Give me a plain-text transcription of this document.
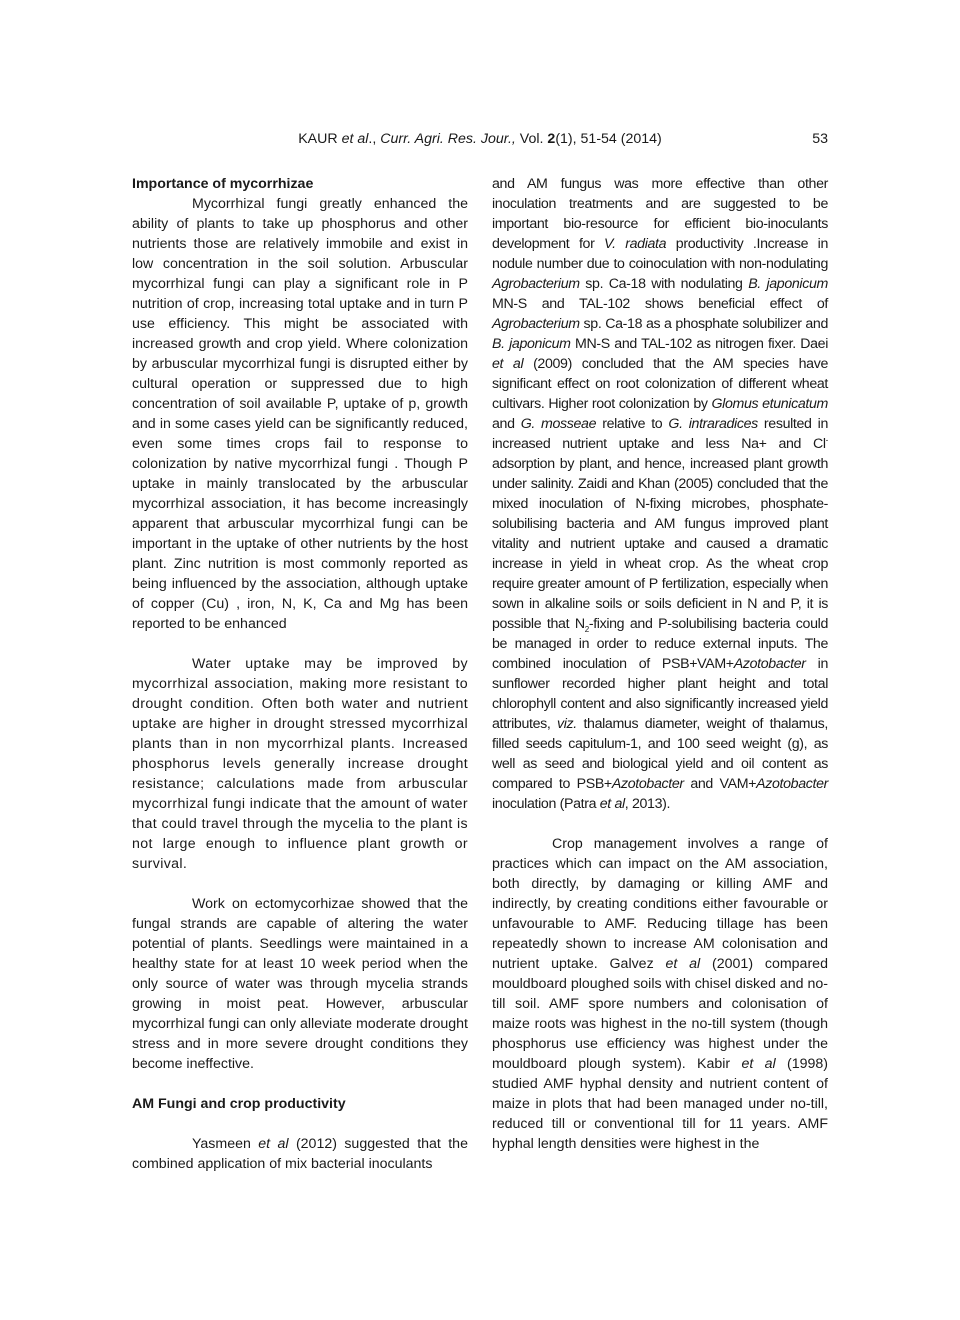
KAUR et al., Curr. Agri. Res. Jour., Vol. 2(1), 51-54 (2014)	53
Importance of mycorrhizae

Mycorrhizal fungi greatly enhanced the ability of plants to take up phosphorus and other nutrients those are relatively immobile and exist in low concentration in the soil solution. Arbuscular mycorrhizal fungi can play a significant role in P nutrition of crop, increasing total uptake and in turn P use efficiency. This might be associated with increased growth and crop yield. Where colonization by arbuscular mycorrhizal fungi is disrupted either by cultural operation or suppressed due to high concentration of soil available P, uptake of p, growth and in some cases yield can be significantly reduced, even some times crops fail to response to colonization by native mycorrhizal fungi . Though P uptake in mainly translocated by the arbuscular mycorrhizal association, it has become increasingly apparent that arbuscular mycorrhizal fungi can be important in the uptake of other nutrients by the host plant. Zinc nutrition is most commonly reported as being influenced by the association, although uptake of copper (Cu) , iron, N, K, Ca and Mg has been reported to be enhanced

Water uptake may be improved by mycorrhizal association, making more resistant to drought condition. Often both water and nutrient uptake are higher in drought stressed mycorrhizal plants than in non mycorrhizal plants. Increased phosphorus levels generally increase drought resistance; calculations made from arbuscular mycorrhizal fungi indicate that the amount of water that could travel through the mycelia to the plant is not large enough to influence plant growth or survival.

Work on ectomycorhizae showed that the fungal strands are capable of altering the water potential of plants. Seedlings were maintained in a healthy state for at least 10 week period when the only source of water was through mycelia strands growing in moist peat. However, arbuscular mycorrhizal fungi can only alleviate moderate drought stress and in more severe drought conditions they become ineffective.

AM Fungi and crop productivity

Yasmeen et al (2012) suggested that the combined application of mix bacterial inoculants

and AM fungus was more effective than other inoculation treatments and are suggested to be important bio-resource for efficient bio-inoculants development for V. radiata productivity .Increase in nodule number due to coinoculation with non-nodulating Agrobacterium sp. Ca-18 with nodulating B. japonicum MN-S and TAL-102 shows beneficial effect of Agrobacterium sp. Ca-18 as a phosphate solubilizer and B. japonicum MN-S and TAL-102 as nitrogen fixer. Daei et al (2009) concluded that the AM species have significant effect on root colonization of different wheat cultivars. Higher root colonization by Glomus etunicatum and G. mosseae relative to G. intraradices resulted in increased nutrient uptake and less Na+ and Cl- adsorption by plant, and hence, increased plant growth under salinity. Zaidi and Khan (2005) concluded that the mixed inoculation of N-fixing microbes, phosphate-solubilising bacteria and AM fungus improved plant vitality and nutrient uptake and caused a dramatic increase in yield in wheat crop. As the wheat crop require greater amount of P fertilization, especially when sown in alkaline soils or soils deficient in N and P, it is possible that $N_2$-fixing and P-solubilising bacteria could be managed in order to reduce external inputs. The combined inoculation of PSB+VAM+Azotobacter in sunflower recorded higher plant height and total chlorophyll content and also significantly increased yield attributes, viz. thalamus diameter, weight of thalamus, filled seeds capitulum-1, and 100 seed weight (g), as well as seed and biological yield and oil content as compared to PSB+Azotobacter and VAM+Azotobacter inoculation (Patra et al, 2013).

Crop management involves a range of practices which can impact on the AM association, both directly, by damaging or killing AMF and indirectly, by creating conditions either favourable or unfavourable to AMF. Reducing tillage has been repeatedly shown to increase AM colonisation and nutrient uptake. Galvez et al (2001) compared mouldboard ploughed soils with chisel disked and no-till soil. AMF spore numbers and colonisation of maize roots was highest in the no-till system (though phosphorus use efficiency was highest under the mouldboard plough system). Kabir et al (1998) studied AMF hyphal density and nutrient content of maize in plots that had been managed under no-till, reduced till or conventional till for 11 years. AMF hyphal length densities were highest in the
